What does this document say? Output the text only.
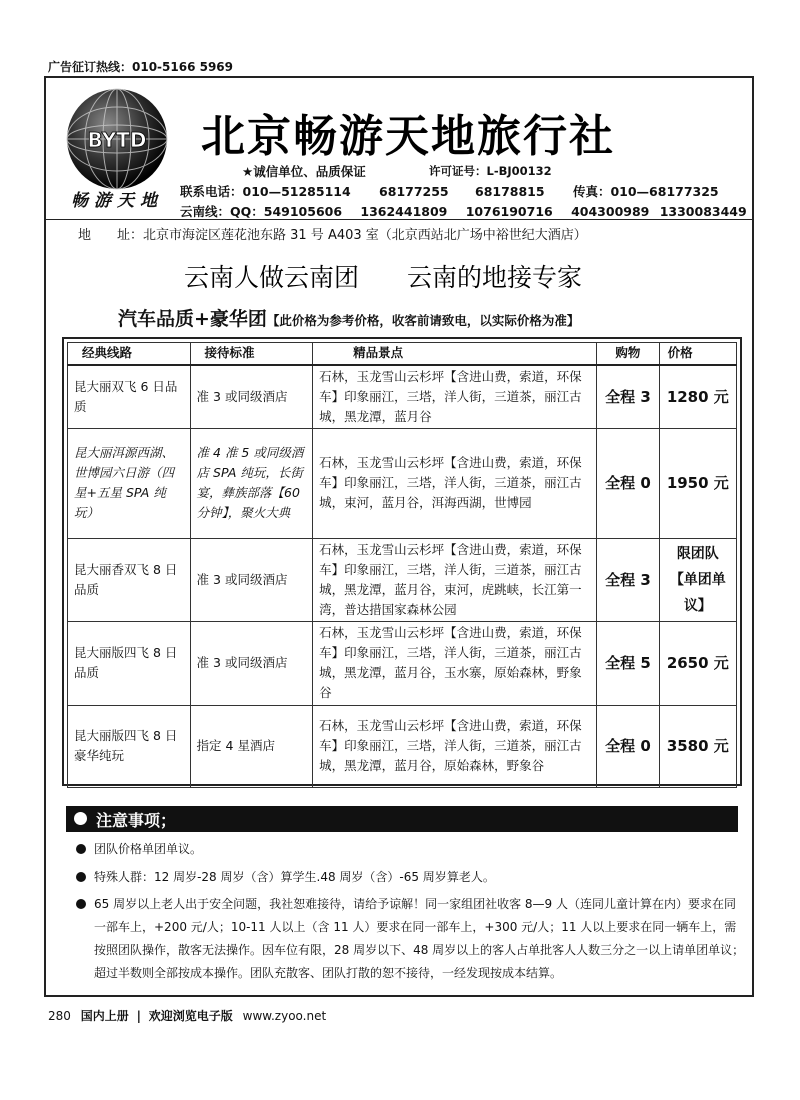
广告征订热线：010-5166 5969
BYTD
畅游天地
北京畅游天地旅行社
★诚信单位、品质保证	许可证号：L-BJ00132
联系电话：010—51285114 68177255 68178815 传真：010—68177325
云南线：QQ：549105606 1362441809 1076190716 404300989 1330083449
地　　址：北京市海淀区莲花池东路 31 号 A403 室（北京西站北广场中裕世纪大酒店）
云南人做云南团 云南的地接专家
汽车品质+豪华团【此价格为参考价格，收客前请致电，以实际价格为准】
经典线路	接待标准	精品景点	购物	价格
昆大丽双飞 6 日品质	准 3 或同级酒店	石林，玉龙雪山云杉坪【含进山费，索道，环保车】印象丽江，三塔，洋人街，三道茶，丽江古城，黑龙潭，蓝月谷	全程 3	1280 元
昆大丽洱源西湖、世博园六日游（四星+五星 SPA 纯玩）	准 4 准 5 或同级酒店 SPA 纯玩，长街宴，彝族部落【60 分钟】，聚火大典	石林，玉龙雪山云杉坪【含进山费，索道，环保车】印象丽江，三塔，洋人街，三道茶，丽江古城，束河，蓝月谷，洱海西湖，世博园	全程 0	1950 元
昆大丽香双飞 8 日品质	准 3 或同级酒店	石林，玉龙雪山云杉坪【含进山费，索道，环保车】印象丽江，三塔，洋人街，三道茶，丽江古城，黑龙潭，蓝月谷，束河，虎跳峡，长江第一湾，普达措国家森林公园	全程 3	限团队【单团单议】
昆大丽版四飞 8 日品质	准 3 或同级酒店	石林，玉龙雪山云杉坪【含进山费，索道，环保车】印象丽江，三塔，洋人街，三道茶，丽江古城，黑龙潭，蓝月谷，玉水寨，原始森林，野象谷	全程 5	2650 元
昆大丽版四飞 8 日豪华纯玩	指定 4 星酒店	石林，玉龙雪山云杉坪【含进山费，索道，环保车】印象丽江，三塔，洋人街，三道茶，丽江古城，黑龙潭，蓝月谷，原始森林，野象谷	全程 0	3580 元
注意事项；
团队价格单团单议。
特殊人群：12 周岁-28 周岁（含）算学生.48 周岁（含）-65 周岁算老人。
65 周岁以上老人出于安全问题，我社恕难接待，请给予谅解！同一家组团社收客 8—9 人（连同儿童计算在内）要求在同一部车上，+200 元/人；10-11 人以上（含 11 人）要求在同一部车上，+300 元/人；11 人以上要求在同一辆车上，需按照团队操作，散客无法操作。因车位有限，28 周岁以下、48 周岁以上的客人占单批客人人数三分之一以上请单团单议；超过半数则全部按成本操作。团队充散客、团队打散的恕不接待，一经发现按成本结算。
280 国内上册 | 欢迎浏览电子版 www.zyoo.net
